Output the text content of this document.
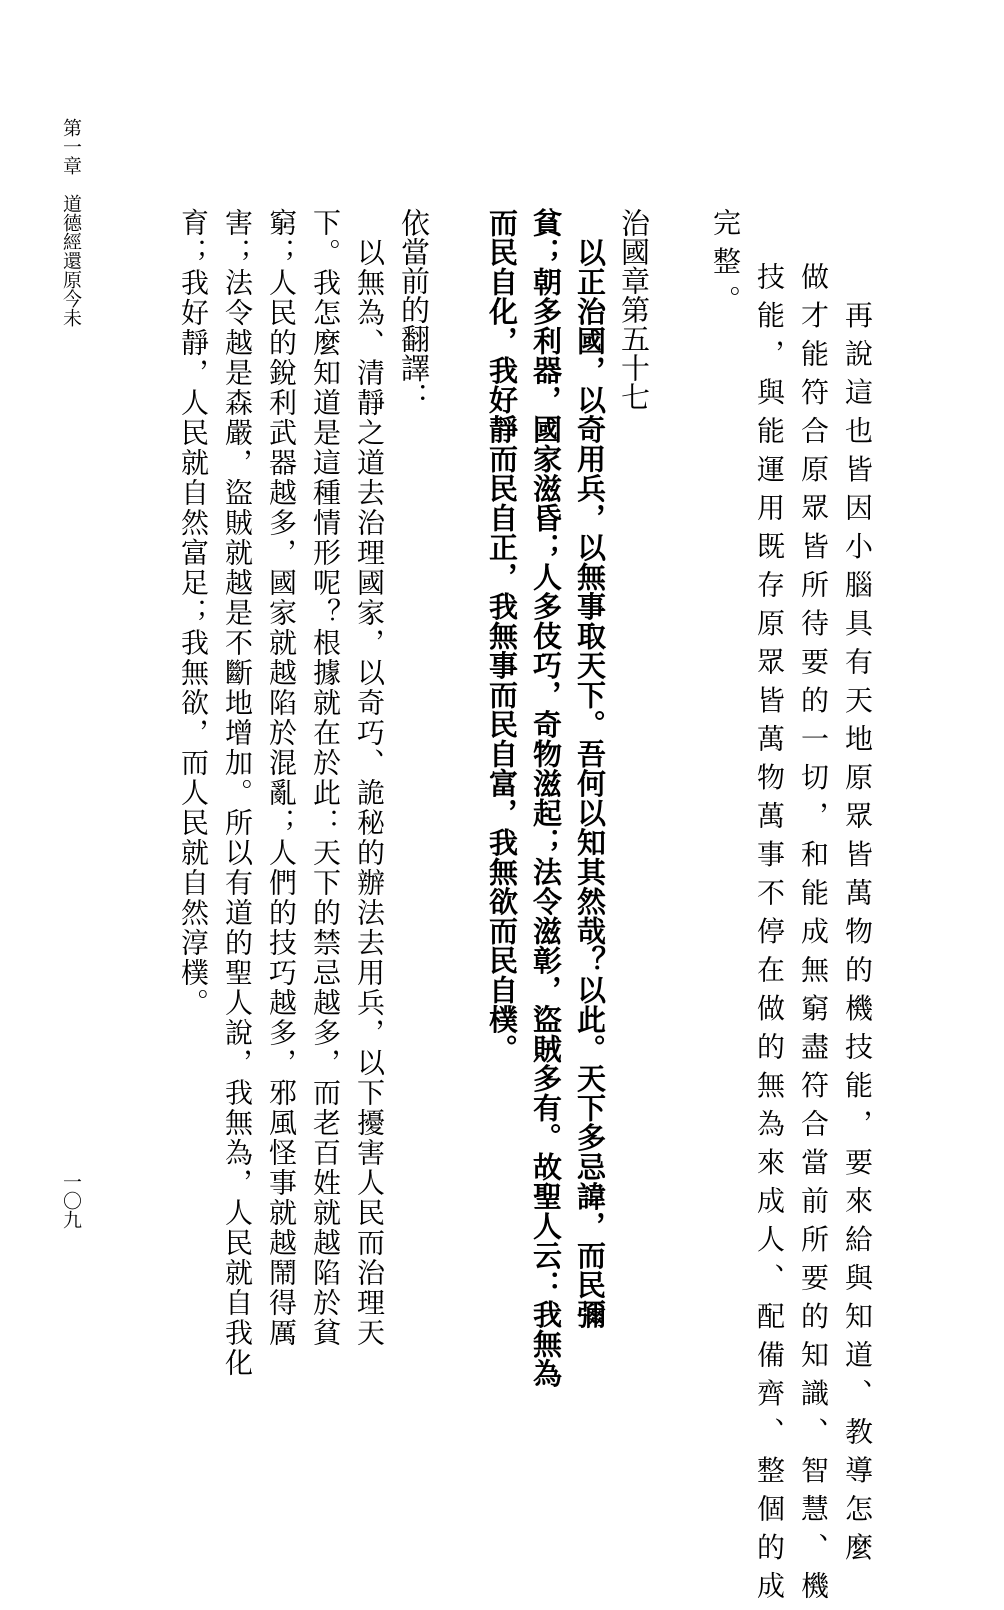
第一章　道德經還原今未
一〇九	　再說這也皆因小腦具有天地原眾皆萬物的機技能，要來給與知道、教導怎麼
做才能符合原眾皆所待要的一切，和能成無窮盡符合當前所要的知識、智慧、機
技能，與能運用既存原眾皆萬物萬事不停在做的無為來成人、配備齊、整個的成
完整。
治國章第五十七
　以正治國，以奇用兵，以無事取天下。吾何以知其然哉？以此。天下多忌諱，而民彌
貧；朝多利器，國家滋昏；人多伎巧，奇物滋起；法令滋彰，盜賊多有。故聖人云：我無為
而民自化，我好靜而民自正，我無事而民自富，我無欲而民自樸。
依當前的翻譯：
　以無為、清靜之道去治理國家，以奇巧、詭秘的辦法去用兵，以下擾害人民而治理天
下。我怎麼知道是這種情形呢？根據就在於此：天下的禁忌越多，而老百姓就越陷於貧
窮；人民的銳利武器越多，國家就越陷於混亂；人們的技巧越多，邪風怪事就越鬧得厲
害；法令越是森嚴，盜賊就越是不斷地增加。所以有道的聖人說，我無為，人民就自我化
育；我好靜，人民就自然富足；我無欲，而人民就自然淳樸。
